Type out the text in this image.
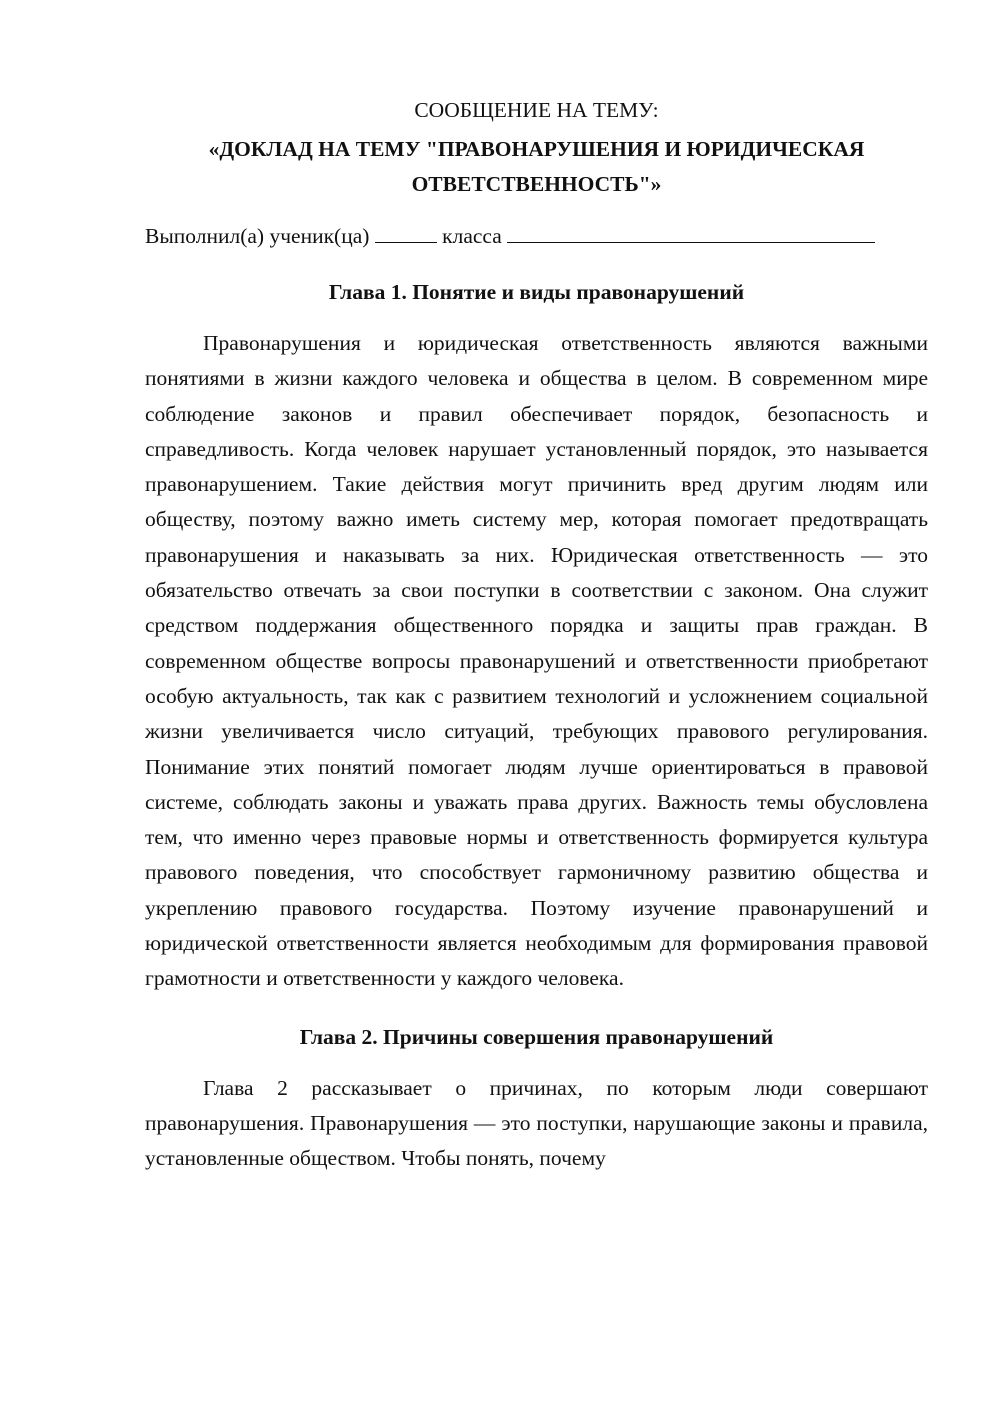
СООБЩЕНИЕ НА ТЕМУ:

«ДОКЛАД НА ТЕМУ "ПРАВОНАРУШЕНИЯ И ЮРИДИЧЕСКАЯ ОТВЕТСТВЕННОСТЬ"»

Выполнил(а) ученик(ца)	класса

Глава 1. Понятие и виды правонарушений

Правонарушения и юридическая ответственность являются важными понятиями в жизни каждого человека и общества в целом. В современном мире соблюдение законов и правил обеспечивает порядок, безопасность и справедливость. Когда человек нарушает установленный порядок, это называется правонарушением. Такие действия могут причинить вред другим людям или обществу, поэтому важно иметь систему мер, которая помогает предотвращать правонарушения и наказывать за них. Юридическая ответственность — это обязательство отвечать за свои поступки в соответствии с законом. Она служит средством поддержания общественного порядка и защиты прав граждан. В современном обществе вопросы правонарушений и ответственности приобретают особую актуальность, так как с развитием технологий и усложнением социальной жизни увеличивается число ситуаций, требующих правового регулирования. Понимание этих понятий помогает людям лучше ориентироваться в правовой системе, соблюдать законы и уважать права других. Важность темы обусловлена тем, что именно через правовые нормы и ответственность формируется культура правового поведения, что способствует гармоничному развитию общества и укреплению правового государства. Поэтому изучение правонарушений и юридической ответственности является необходимым для формирования правовой грамотности и ответственности у каждого человека.

Глава 2. Причины совершения правонарушений

Глава 2 рассказывает о причинах, по которым люди совершают правонарушения. Правонарушения — это поступки, нарушающие законы и правила, установленные обществом. Чтобы понять, почему
